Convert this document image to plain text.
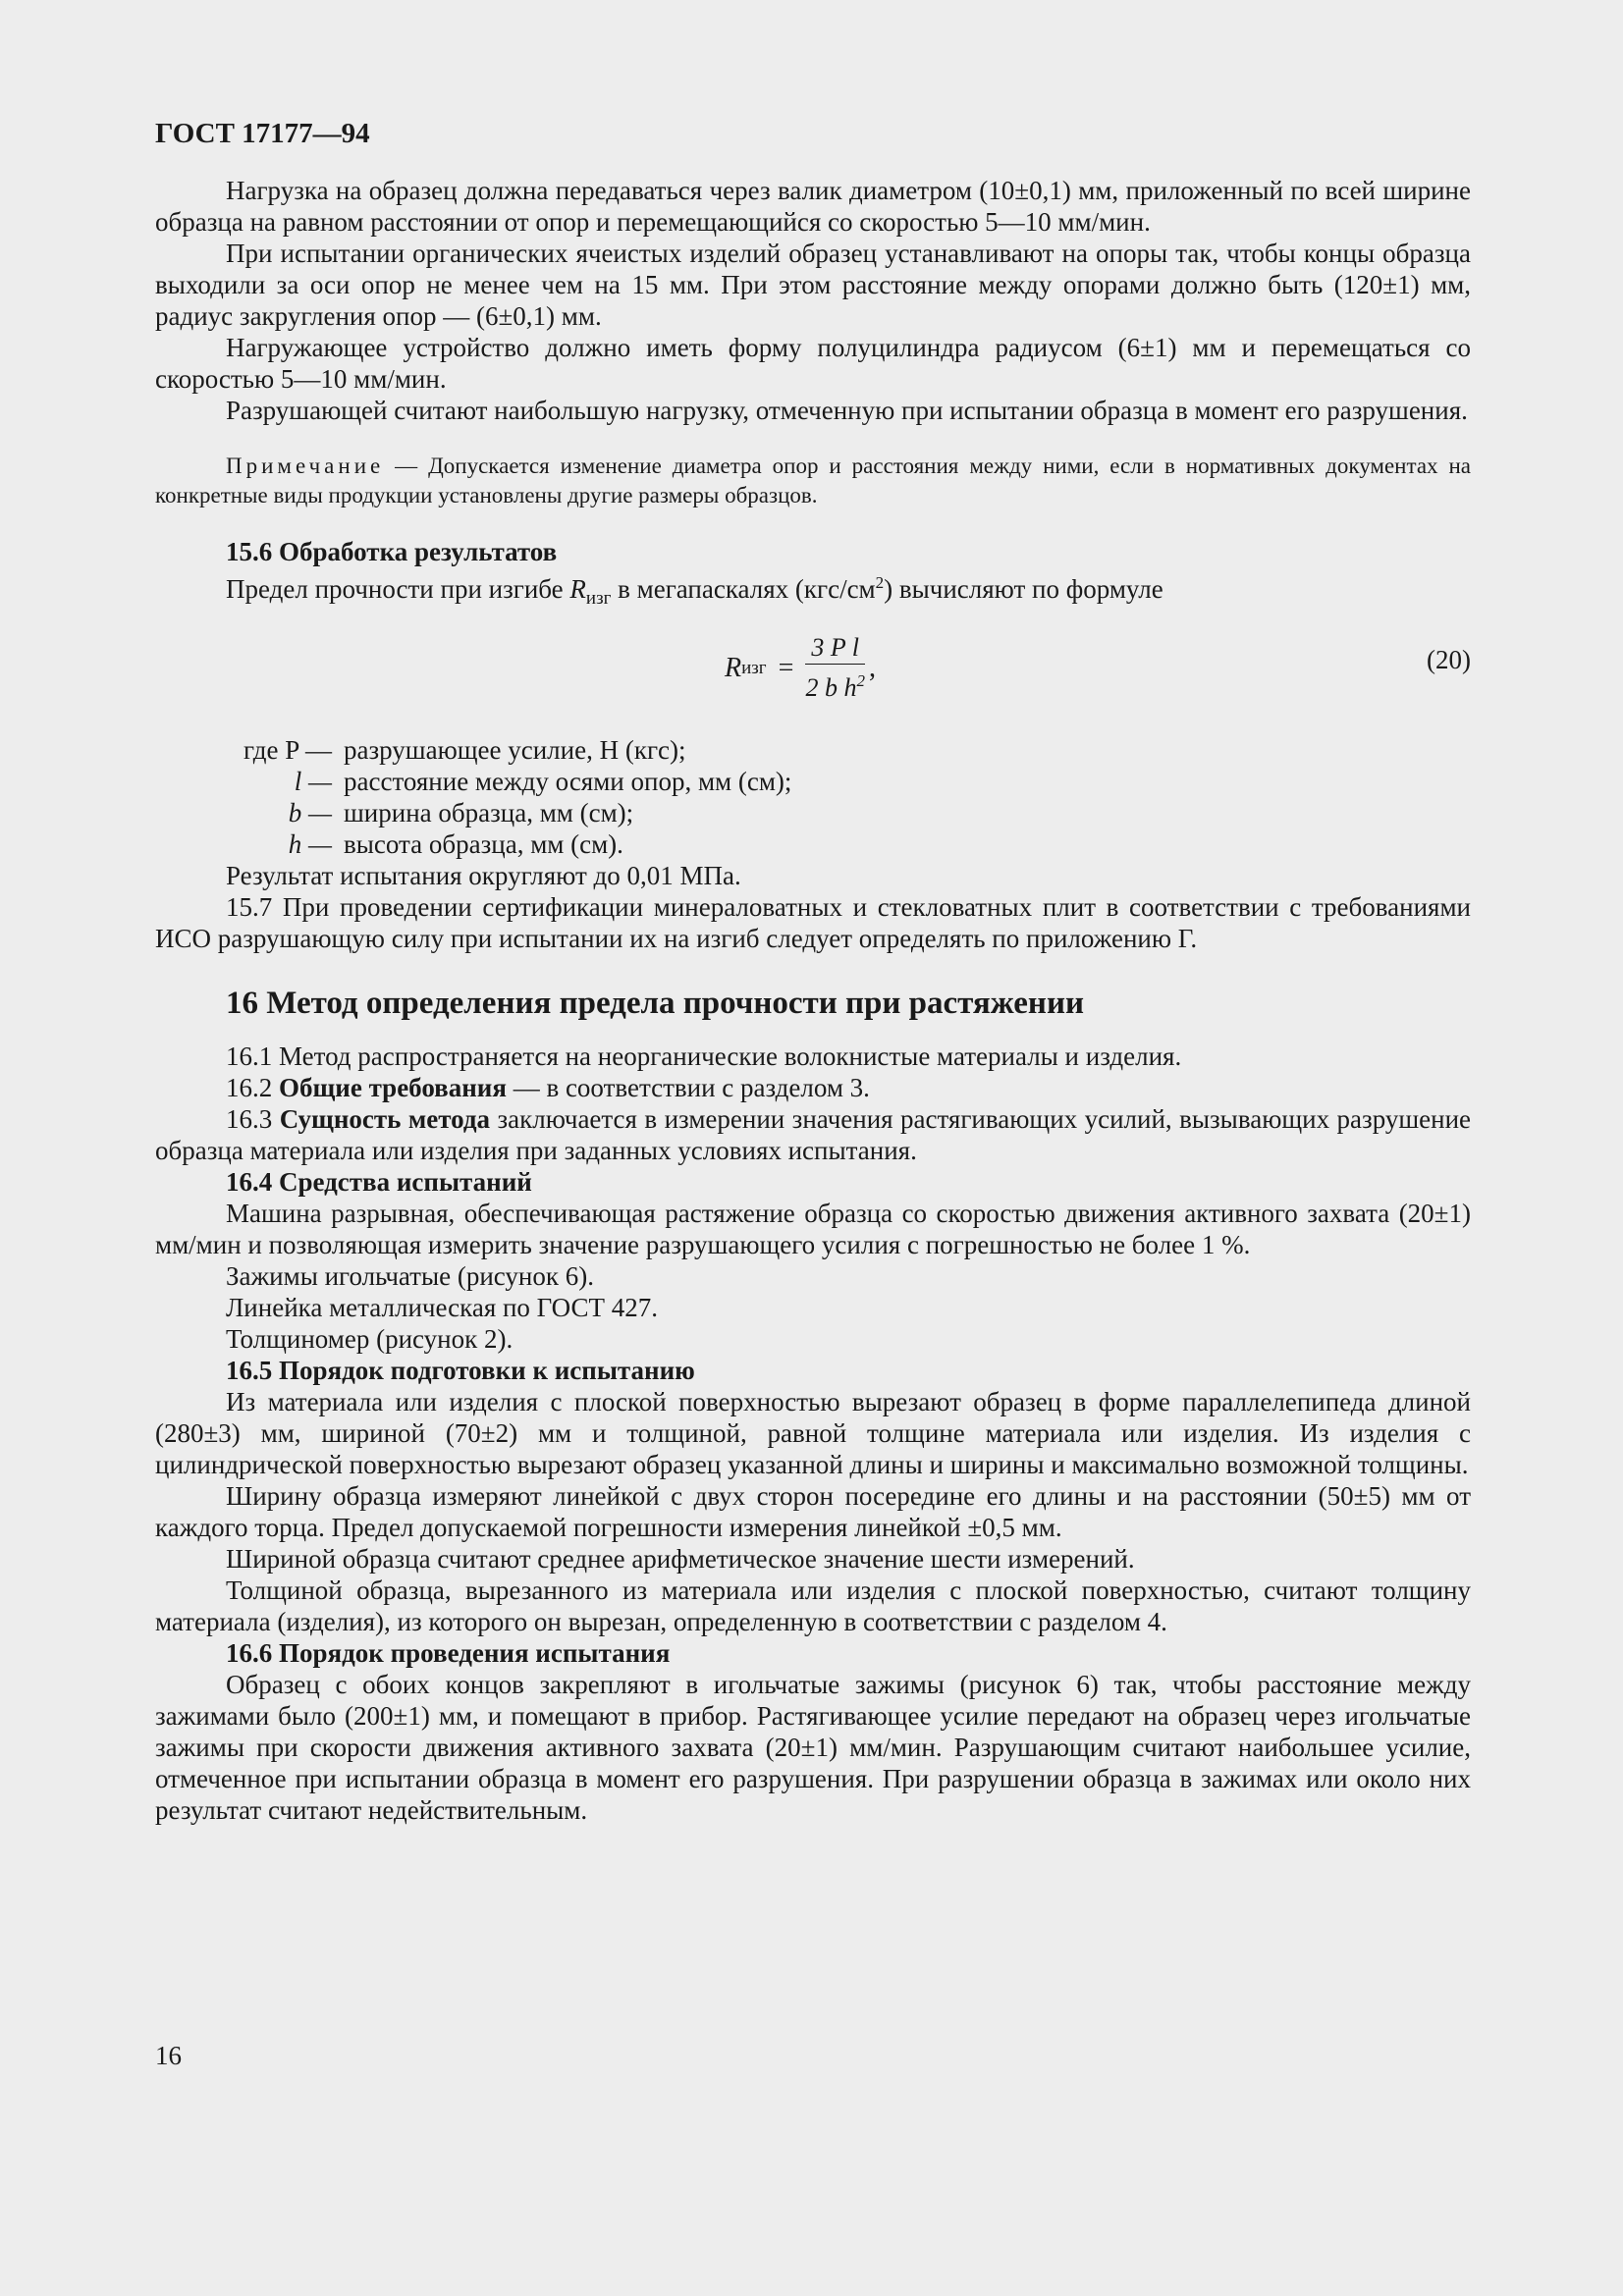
ГОСТ 17177—94

Нагрузка на образец должна передаваться через валик диаметром (10±0,1) мм, приложенный по всей ширине образца на равном расстоянии от опор и перемещающийся со скоростью 5—10 мм/мин.

При испытании органических ячеистых изделий образец устанавливают на опоры так, чтобы концы образца выходили за оси опор не менее чем на 15 мм. При этом расстояние между опорами должно быть (120±1) мм, радиус закругления опор — (6±0,1) мм.

Нагружающее устройство должно иметь форму полуцилиндра радиусом (6±1) мм и перемещаться со скоростью 5—10 мм/мин.

Разрушающей считают наибольшую нагрузку, отмеченную при испытании образца в момент его разрушения.

Примечание — Допускается изменение диаметра опор и расстояния между ними, если в нормативных документах на конкретные виды продукции установлены другие размеры образцов.
15.6 Обработка результатов

Предел прочности при изгибе $R_{изг}$ в мегапаскалях $(кгс/см^2)$ вычисляют по формуле

R изг = $\frac{\text{3 P l}}{2 b h^2}$ ,	(20)
где P — разрушающее усилие, Н (кгс);
l — расстояние между осями опор, мм (см);
b — ширина образца, мм (см);
h — высота образца, мм (см).

Результат испытания округляют до 0,01 МПа.

15.7 При проведении сертификации минераловатных и стекловатных плит в соответствии с требованиями ИСО разрушающую силу при испытании их на изгиб следует определять по приложению Г.

16 Метод определения предела прочности при растяжении

16.1 Метод распространяется на неорганические волокнистые материалы и изделия.

16.2 Общие требования — в соответствии с разделом 3.

16.3 Сущность метода заключается в измерении значения растягивающих усилий, вызывающих разрушение образца материала или изделия при заданных условиях испытания.

16.4 Средства испытаний

Машина разрывная, обеспечивающая растяжение образца со скоростью движения активного захвата (20±1) мм/мин и позволяющая измерить значение разрушающего усилия с погрешностью не более 1 %.

Зажимы игольчатые (рисунок 6).

Линейка металлическая по ГОСТ 427.

Толщиномер (рисунок 2).

16.5 Порядок подготовки к испытанию

Из материала или изделия с плоской поверхностью вырезают образец в форме параллелепипеда длиной (280±3) мм, шириной (70±2) мм и толщиной, равной толщине материала или изделия. Из изделия с цилиндрической поверхностью вырезают образец указанной длины и ширины и максимально возможной толщины.

Ширину образца измеряют линейкой с двух сторон посередине его длины и на расстоянии (50±5) мм от каждого торца. Предел допускаемой погрешности измерения линейкой ±0,5 мм.

Шириной образца считают среднее арифметическое значение шести измерений.

Толщиной образца, вырезанного из материала или изделия с плоской поверхностью, считают толщину материала (изделия), из которого он вырезан, определенную в соответствии с разделом 4.

16.6 Порядок проведения испытания

Образец с обоих концов закрепляют в игольчатые зажимы (рисунок 6) так, чтобы расстояние между зажимами было (200±1) мм, и помещают в прибор. Растягивающее усилие передают на образец через игольчатые зажимы при скорости движения активного захвата (20±1) мм/мин. Разрушающим считают наибольшее усилие, отмеченное при испытании образца в момент его разрушения. При разрушении образца в зажимах или около них результат считают недействительным.

16
